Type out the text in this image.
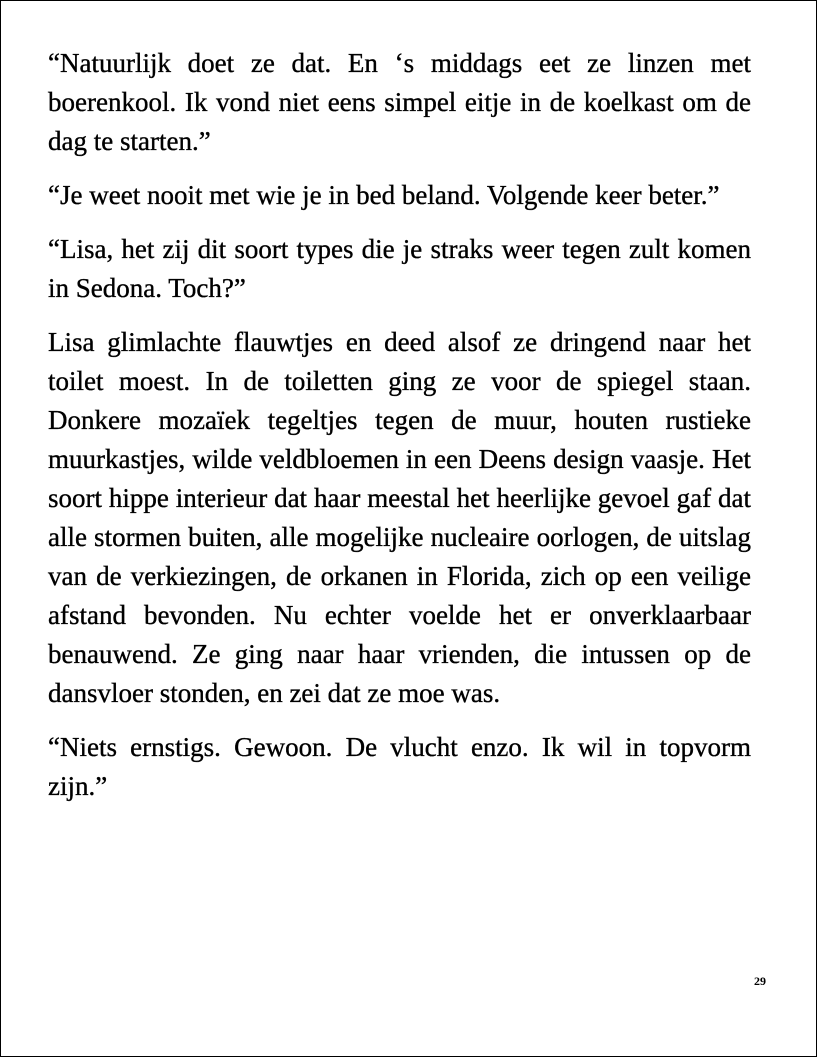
“Natuurlijk doet ze dat. En ‘s middags eet ze linzen met boerenkool. Ik vond niet eens simpel eitje in de koelkast om de dag te starten.”

“Je weet nooit met wie je in bed beland. Volgende keer beter.”

“Lisa, het zij dit soort types die je straks weer tegen zult komen in Sedona. Toch?”

Lisa glimlachte flauwtjes en deed alsof ze dringend naar het toilet moest. In de toiletten ging ze voor de spiegel staan. Donkere mozaïek tegeltjes tegen de muur, houten rustieke muurkastjes, wilde veldbloemen in een Deens design vaasje. Het soort hippe interieur dat haar meestal het heerlijke gevoel gaf dat alle stormen buiten, alle mogelijke nucleaire oorlogen, de uitslag van de verkiezingen, de orkanen in Florida, zich op een veilige afstand bevonden. Nu echter voelde het er onverklaarbaar benauwend. Ze ging naar haar vrienden, die intussen op de dansvloer stonden, en zei dat ze moe was.

“Niets ernstigs. Gewoon. De vlucht enzo. Ik wil in topvorm zijn.”

29
